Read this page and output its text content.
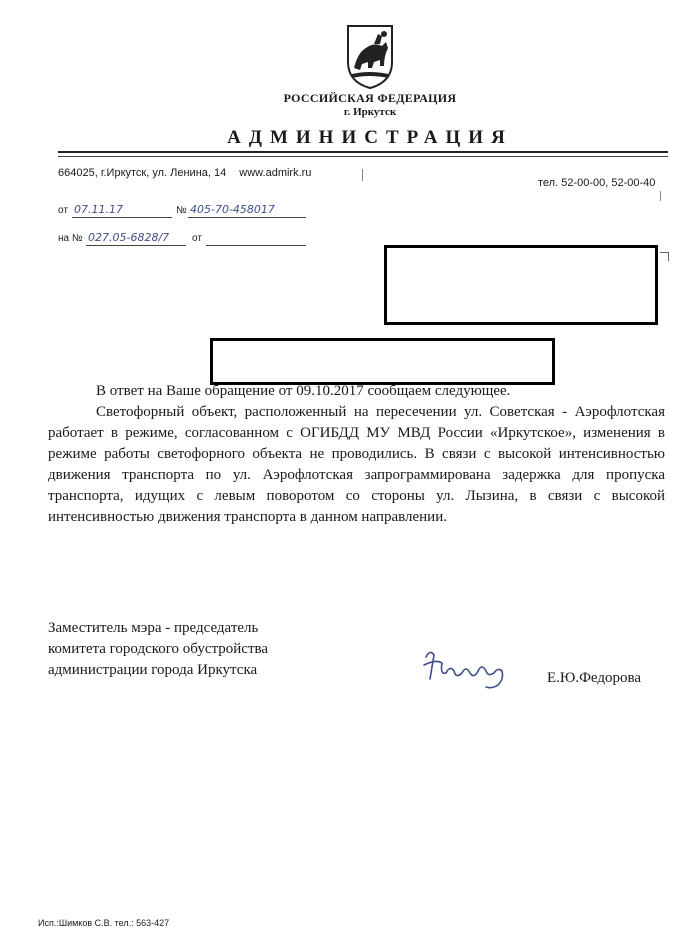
РОССИЙСКАЯ ФЕДЕРАЦИЯ
г. Иркутск
АДМИНИСТРАЦИЯ
664025, г.Иркутск, ул. Ленина, 14 www.admirk.ru
тел. 52-00-00, 52-00-40
от 07.11.17	№ 405-70-458017
на № 027.05-6828/7 от

В ответ на Ваше обращение от 09.10.2017 сообщаем следующее.

Светофорный объект, расположенный на пересечении ул. Советская - Аэрофлотская работает в режиме, согласованном с ОГИБДД МУ МВД России «Иркутское», изменения в режиме работы светофорного объекта не проводились. В связи с высокой интенсивностью движения транспорта по ул. Аэрофлотская запрограммирована задержка для пропуска транспорта, идущих с левым поворотом со стороны ул. Лызина, в связи с высокой интенсивностью движения транспорта в данном направлении.

Заместитель мэра - председатель
комитета городского обустройства
администрации города Иркутска	Е.Ю.Федорова
Исп.:Шимков С.В. тел.: 563-427
